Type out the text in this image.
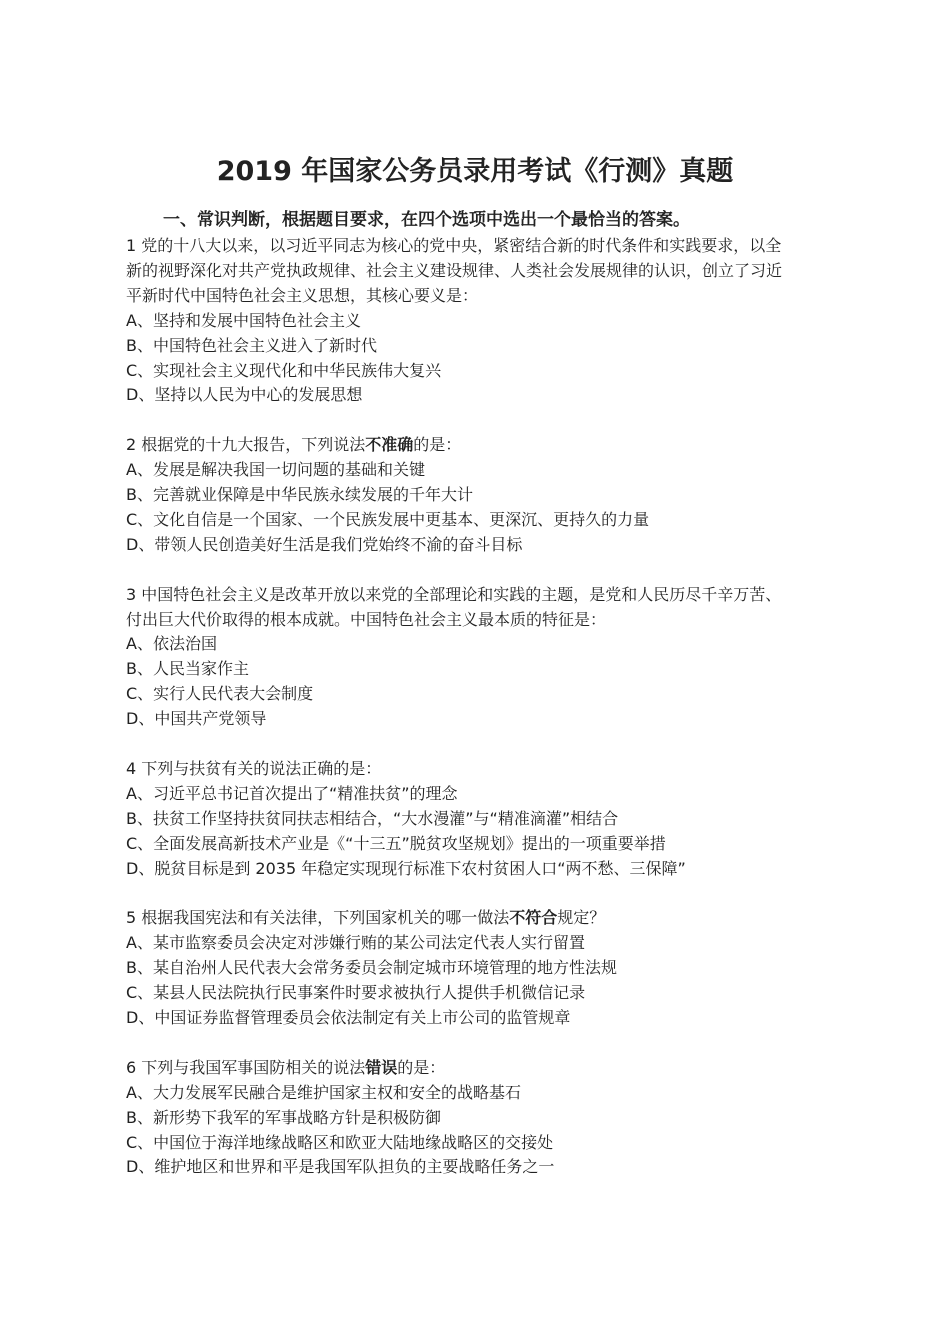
2019 年国家公务员录用考试《行测》真题

一、常识判断，根据题目要求，在四个选项中选出一个最恰当的答案。

1 党的十八大以来，以习近平同志为核心的党中央，紧密结合新的时代条件和实践要求，以全
新的视野深化对共产党执政规律、社会主义建设规律、人类社会发展规律的认识，创立了习近
平新时代中国特色社会主义思想，其核心要义是：
A、坚持和发展中国特色社会主义
B、中国特色社会主义进入了新时代
C、实现社会主义现代化和中华民族伟大复兴
D、坚持以人民为中心的发展思想
2 根据党的十九大报告，下列说法不准确的是：
A、发展是解决我国一切问题的基础和关键
B、完善就业保障是中华民族永续发展的千年大计
C、文化自信是一个国家、一个民族发展中更基本、更深沉、更持久的力量
D、带领人民创造美好生活是我们党始终不渝的奋斗目标
3 中国特色社会主义是改革开放以来党的全部理论和实践的主题，是党和人民历尽千辛万苦、
付出巨大代价取得的根本成就。中国特色社会主义最本质的特征是：
A、依法治国
B、人民当家作主
C、实行人民代表大会制度
D、中国共产党领导
4 下列与扶贫有关的说法正确的是：
A、习近平总书记首次提出了“精准扶贫”的理念
B、扶贫工作坚持扶贫同扶志相结合，“大水漫灌”与“精准滴灌”相结合
C、全面发展高新技术产业是《“十三五”脱贫攻坚规划》提出的一项重要举措
D、脱贫目标是到 2035 年稳定实现现行标准下农村贫困人口“两不愁、三保障”
5 根据我国宪法和有关法律，下列国家机关的哪一做法不符合规定？
A、某市监察委员会决定对涉嫌行贿的某公司法定代表人实行留置
B、某自治州人民代表大会常务委员会制定城市环境管理的地方性法规
C、某县人民法院执行民事案件时要求被执行人提供手机微信记录
D、中国证券监督管理委员会依法制定有关上市公司的监管规章
6 下列与我国军事国防相关的说法错误的是：
A、大力发展军民融合是维护国家主权和安全的战略基石
B、新形势下我军的军事战略方针是积极防御
C、中国位于海洋地缘战略区和欧亚大陆地缘战略区的交接处
D、维护地区和世界和平是我国军队担负的主要战略任务之一
